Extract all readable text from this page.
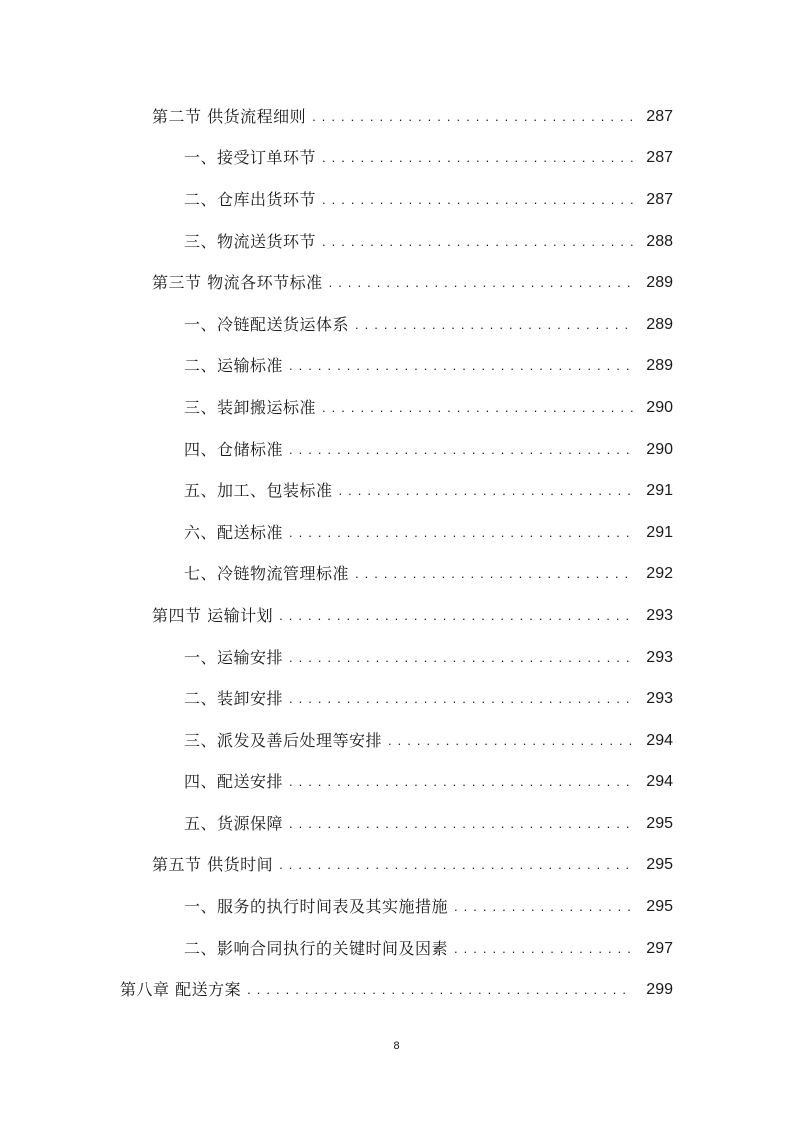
第二节 供货流程细则 . . .	287
一、接受订单环节 . . .	287
二、仓库出货环节 . . .	287
三、物流送货环节 . . .	288
第三节 物流各环节标准 . . .	289
一、冷链配送货运体系 . . .	289
二、运输标准 . . .	289
三、装卸搬运标准 . . .	290
四、仓储标准 . . .	290
五、加工、包装标准 . . .	291
六、配送标准 . . .	291
七、冷链物流管理标准 . . .	292
第四节 运输计划 . . .	293
一、运输安排 . . .	293
二、装卸安排 . . .	293
三、派发及善后处理等安排 . . .	294
四、配送安排 . . .	294
五、货源保障 . . .	295
第五节 供货时间 . . .	295
一、服务的执行时间表及其实施措施 . . .	295
二、影响合同执行的关键时间及因素 . . .	297
第八章 配送方案 . . .	299
8
